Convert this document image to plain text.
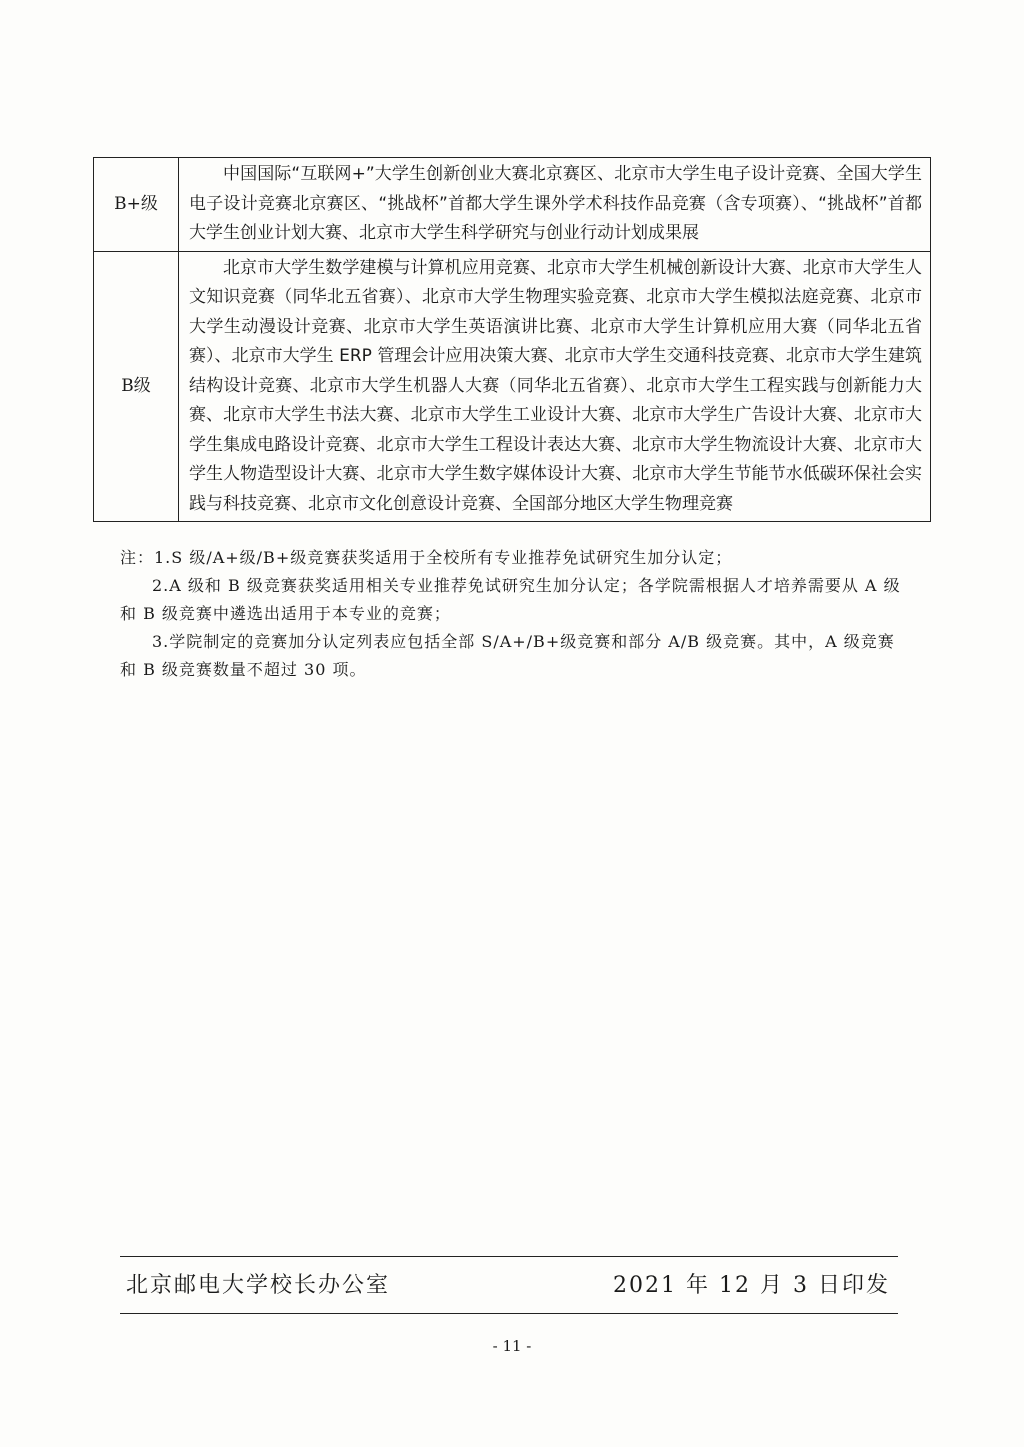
B+级	中国国际“互联网+”大学生创新创业大赛北京赛区、北京市大学生电子设计竞赛、全国大学生电子设计竞赛北京赛区、“挑战杯”首都大学生课外学术科技作品竞赛（含专项赛）、“挑战杯”首都大学生创业计划大赛、北京市大学生科学研究与创业行动计划成果展

B级	北京市大学生数学建模与计算机应用竞赛、北京市大学生机械创新设计大赛、北京市大学生人文知识竞赛（同华北五省赛）、北京市大学生物理实验竞赛、北京市大学生模拟法庭竞赛、北京市大学生动漫设计竞赛、北京市大学生英语演讲比赛、北京市大学生计算机应用大赛（同华北五省赛）、北京市大学生 ERP 管理会计应用决策大赛、北京市大学生交通科技竞赛、北京市大学生建筑结构设计竞赛、北京市大学生机器人大赛（同华北五省赛）、北京市大学生工程实践与创新能力大赛、北京市大学生书法大赛、北京市大学生工业设计大赛、北京市大学生广告设计大赛、北京市大学生集成电路设计竞赛、北京市大学生工程设计表达大赛、北京市大学生物流设计大赛、北京市大学生人物造型设计大赛、北京市大学生数字媒体设计大赛、北京市大学生节能节水低碳环保社会实践与科技竞赛、北京市文化创意设计竞赛、全国部分地区大学生物理竞赛

注：1.S 级/A+级/B+级竞赛获奖适用于全校所有专业推荐免试研究生加分认定；

2.A 级和 B 级竞赛获奖适用相关专业推荐免试研究生加分认定；各学院需根据人才培养需要从 A 级和 B 级竞赛中遴选出适用于本专业的竞赛；

3.学院制定的竞赛加分认定列表应包括全部 S/A+/B+级竞赛和部分 A/B 级竞赛。其中，A 级竞赛和 B 级竞赛数量不超过 30 项。

北京邮电大学校长办公室	2021 年 12 月 3 日印发
- 11 -
